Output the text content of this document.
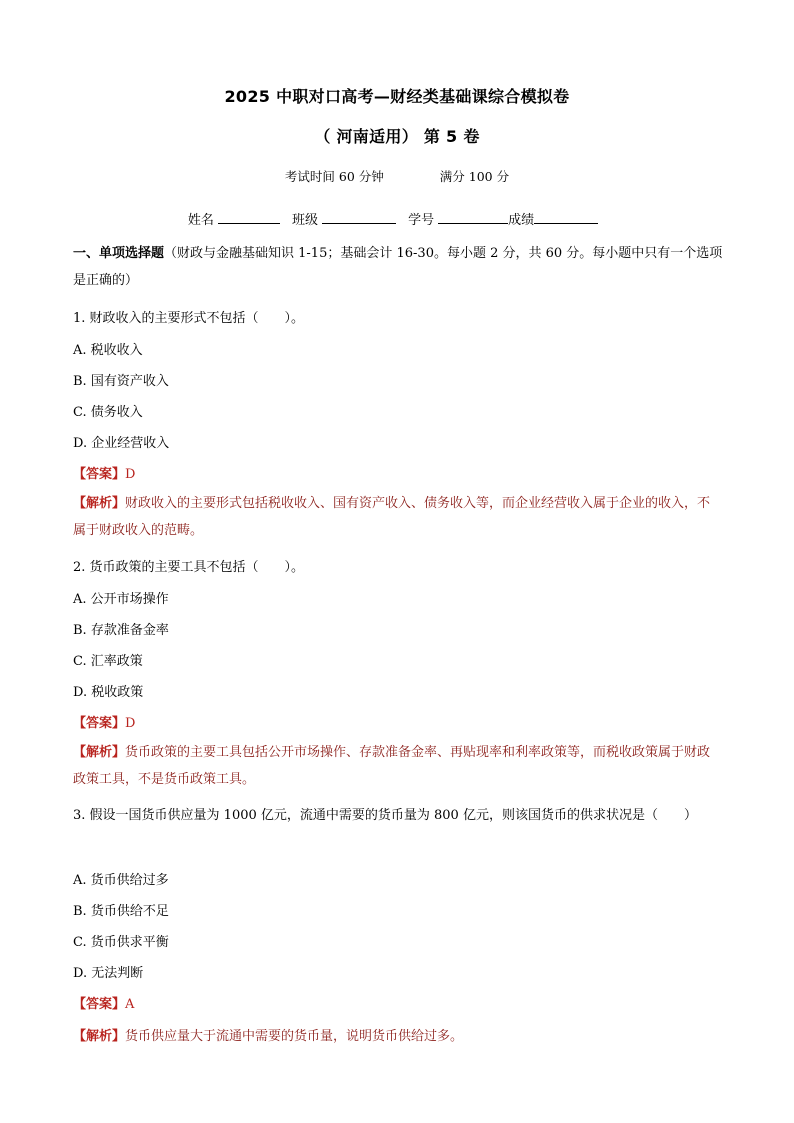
2025 中职对口高考—财经类基础课综合模拟卷
（ 河南适用） 第 5 卷
考试时间 60 分钟	满分 100 分
姓名	班级	学号	成绩
一、单项选择题（财政与金融基础知识 1-15；基础会计 16-30。每小题 2 分，共 60 分。每小题中只有一个选项是正确的）
1. 财政收入的主要形式不包括（　　）。
A. 税收收入
B. 国有资产收入
C. 债务收入
D. 企业经营收入
【答案】D
【解析】财政收入的主要形式包括税收收入、国有资产收入、债务收入等，而企业经营收入属于企业的收入，不属于财政收入的范畴。
2. 货币政策的主要工具不包括（　　）。
A. 公开市场操作
B. 存款准备金率
C. 汇率政策
D. 税收政策
【答案】D
【解析】货币政策的主要工具包括公开市场操作、存款准备金率、再贴现率和利率政策等，而税收政策属于财政政策工具，不是货币政策工具。
3. 假设一国货币供应量为 1000 亿元，流通中需要的货币量为 800 亿元，则该国货币的供求状况是（　　）
A. 货币供给过多
B. 货币供给不足
C. 货币供求平衡
D. 无法判断
【答案】A
【解析】货币供应量大于流通中需要的货币量，说明货币供给过多。
